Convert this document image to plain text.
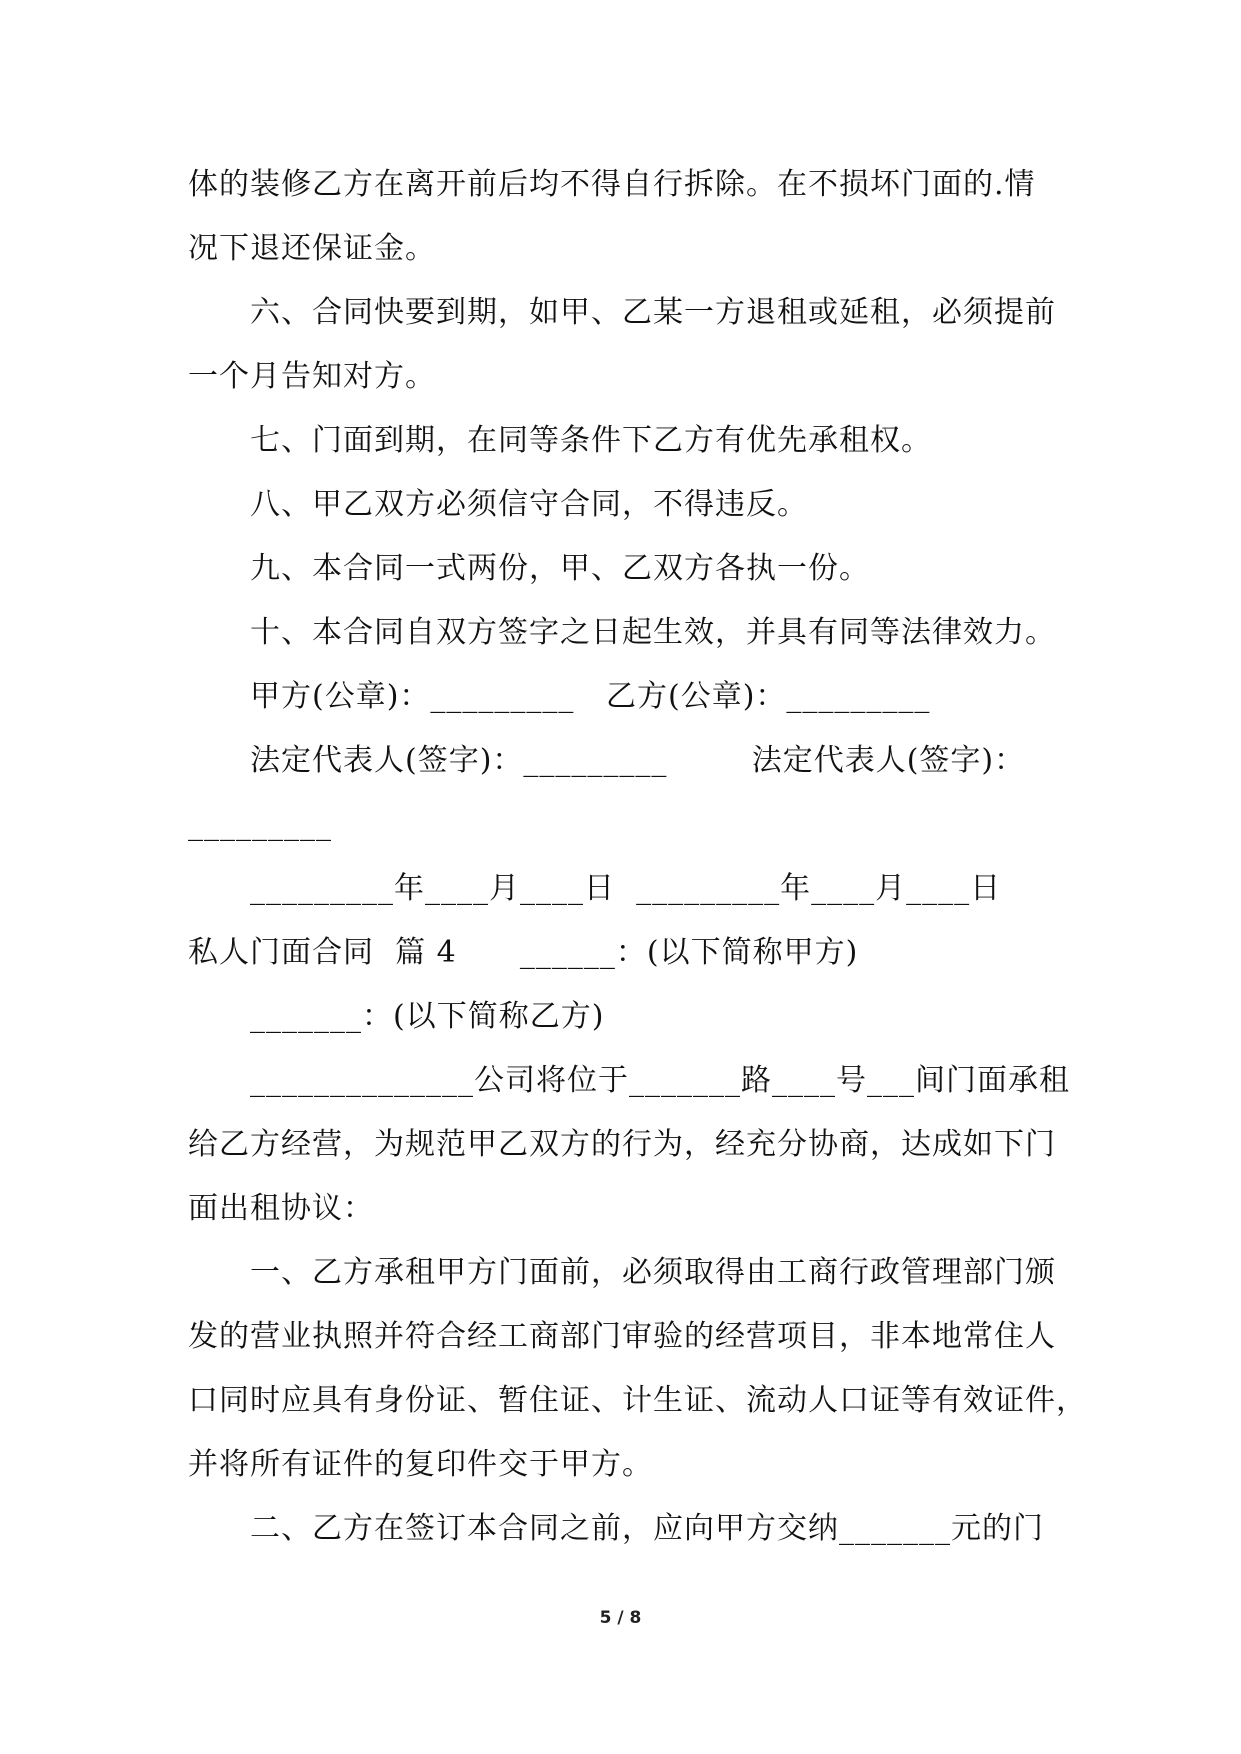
体的装修乙方在离开前后均不得自行拆除。在不损坏门面的.情
况下退还保证金。
六、合同快要到期，如甲、乙某一方退租或延租，必须提前
一个月告知对方。
七、门面到期，在同等条件下乙方有优先承租权。
八、甲乙双方必须信守合同，不得违反。
九、本合同一式两份，甲、乙双方各执一份。
十、本合同自双方签字之日起生效，并具有同等法律效力。
甲方(公章)：_________   乙方(公章)：_________
法定代表人(签字)：_________        法定代表人(签字)：
_________
_________年____月____日  _________年____月____日
私人门面合同  篇 4      ______：(以下简称甲方)
_______：(以下简称乙方)
______________公司将位于_______路____号___间门面承租
给乙方经营，为规范甲乙双方的行为，经充分协商，达成如下门
面出租协议：
一、乙方承租甲方门面前，必须取得由工商行政管理部门颁
发的营业执照并符合经工商部门审验的经营项目，非本地常住人
口同时应具有身份证、暂住证、计生证、流动人口证等有效证件，
并将所有证件的复印件交于甲方。
二、乙方在签订本合同之前，应向甲方交纳_______元的门
5 / 8
